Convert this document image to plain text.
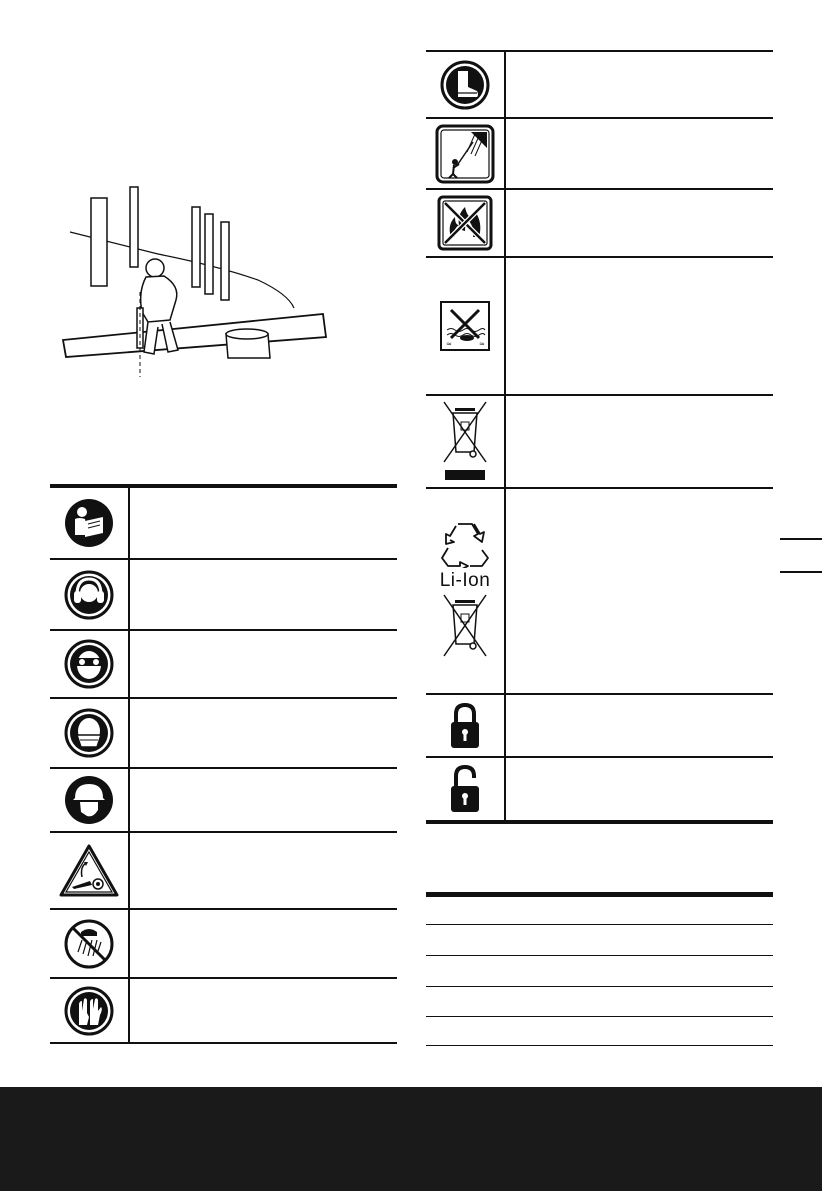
≈	≈
Li-Ion
